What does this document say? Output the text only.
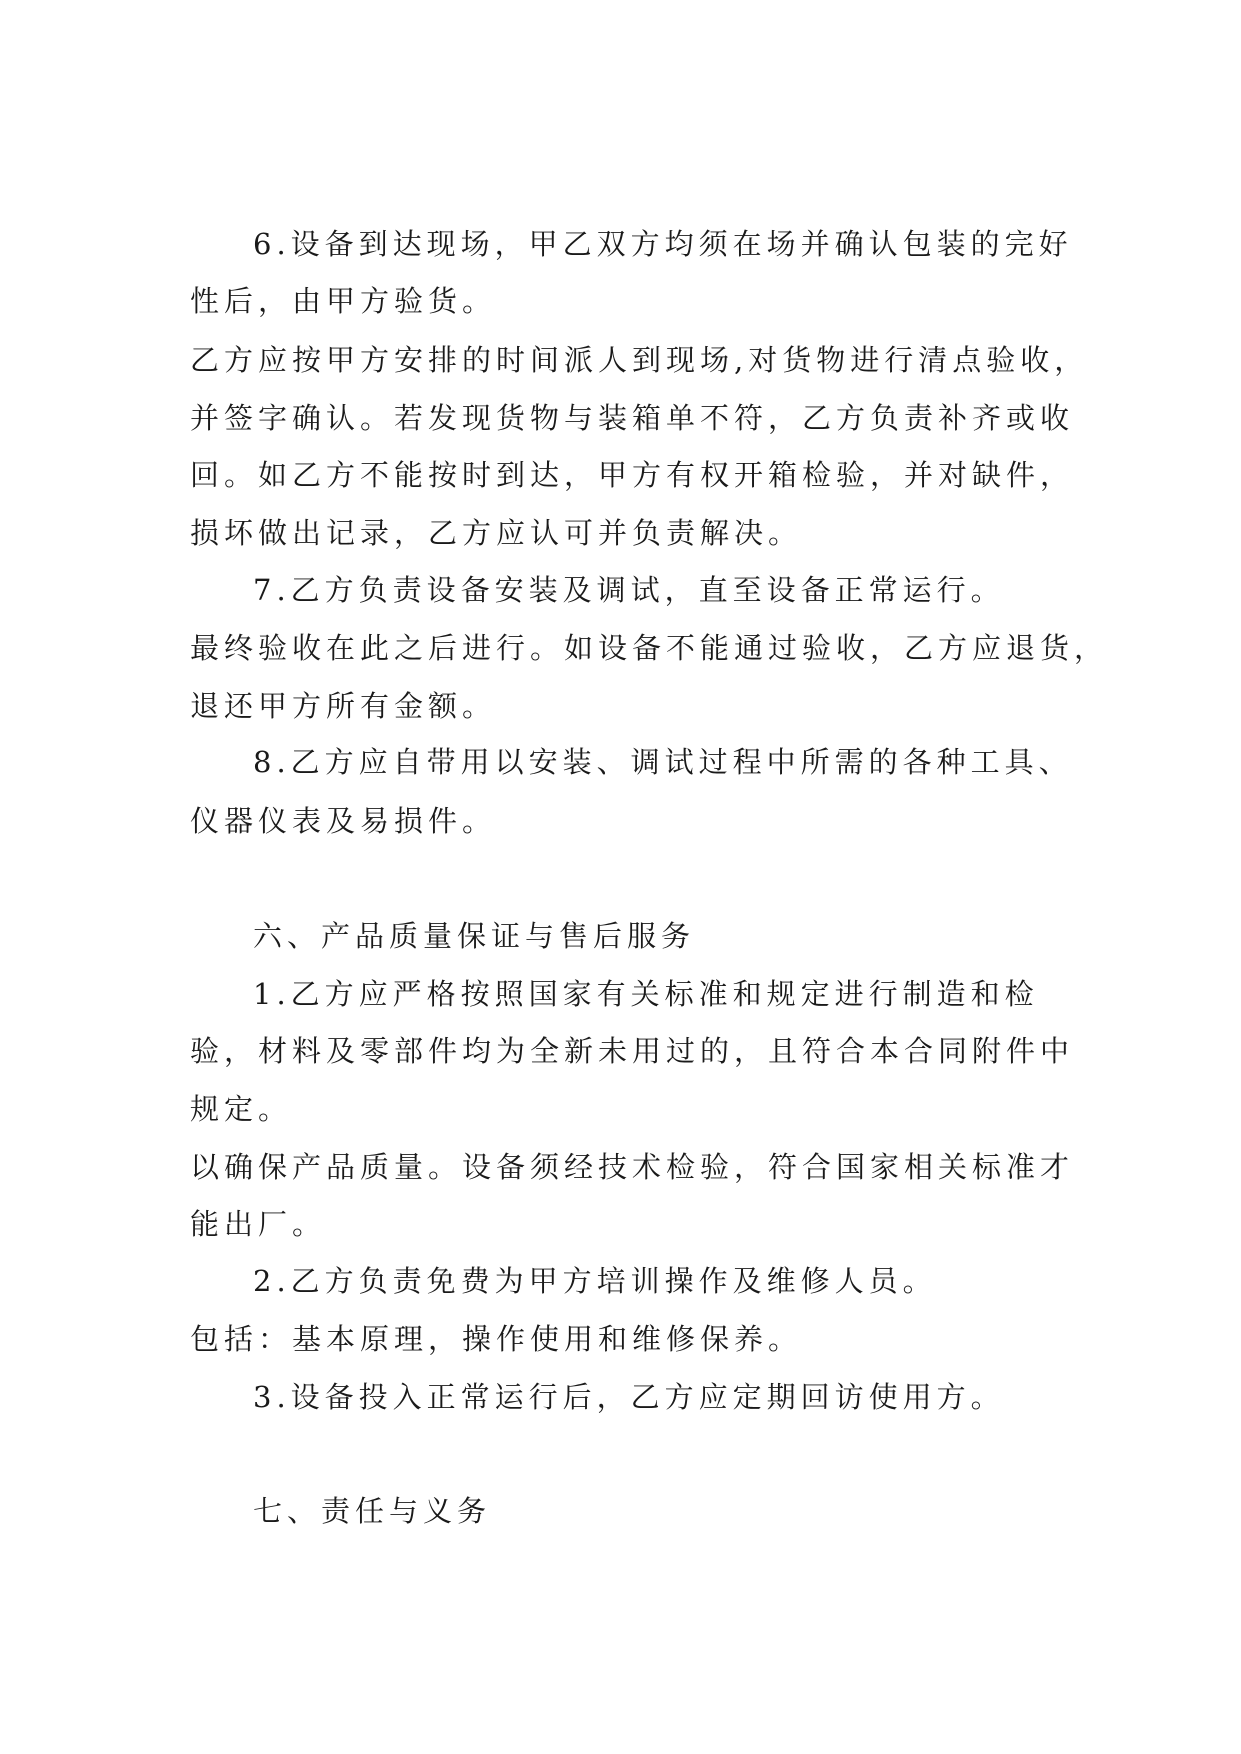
6.设备到达现场，甲乙双方均须在场并确认包装的完好
性后，由甲方验货。
乙方应按甲方安排的时间派人到现场,对货物进行清点验收，
并签字确认。若发现货物与装箱单不符，乙方负责补齐或收
回。如乙方不能按时到达，甲方有权开箱检验，并对缺件，
损坏做出记录，乙方应认可并负责解决。
7.乙方负责设备安装及调试，直至设备正常运行。
最终验收在此之后进行。如设备不能通过验收，乙方应退货，
退还甲方所有金额。
8.乙方应自带用以安装、调试过程中所需的各种工具、
仪器仪表及易损件。
六、产品质量保证与售后服务
1.乙方应严格按照国家有关标准和规定进行制造和检
验，材料及零部件均为全新未用过的，且符合本合同附件中
规定。
以确保产品质量。设备须经技术检验，符合国家相关标准才
能出厂。
2.乙方负责免费为甲方培训操作及维修人员。
包括：基本原理，操作使用和维修保养。
3.设备投入正常运行后，乙方应定期回访使用方。
七、责任与义务
